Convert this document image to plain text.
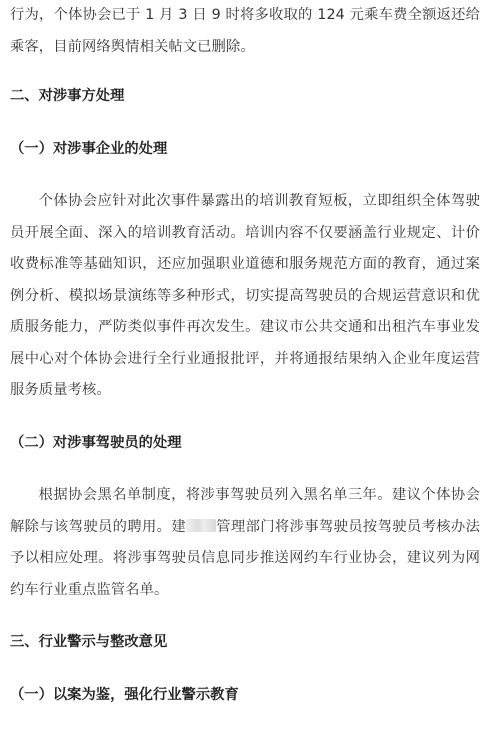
行为，个体协会已于 1 月 3 日 9 时将多收取的 124 元乘车费全额返还给乘客，目前网络舆情相关帖文已删除。

二、对涉事方处理

（一）对涉事企业的处理

个体协会应针对此次事件暴露出的培训教育短板，立即组织全体驾驶员开展全面、深入的培训教育活动。培训内容不仅要涵盖行业规定、计价收费标准等基础知识，还应加强职业道德和服务规范方面的教育，通过案例分析、模拟场景演练等多种形式，切实提高驾驶员的合规运营意识和优质服务能力，严防类似事件再次发生。建议市公共交通和出租汽车事业发展中心对个体协会进行全行业通报批评，并将通报结果纳入企业年度运营服务质量考核。

（二）对涉事驾驶员的处理

根据协会黑名单制度，将涉事驾驶员列入黑名单三年。建议个体协会解除与该驾驶员的聘用。建 管理部门将涉事驾驶员按驾驶员考核办法予以相应处理。将涉事驾驶员信息同步推送网约车行业协会，建议列为网约车行业重点监管名单。

三、行业警示与整改意见

（一）以案为鉴，强化行业警示教育
